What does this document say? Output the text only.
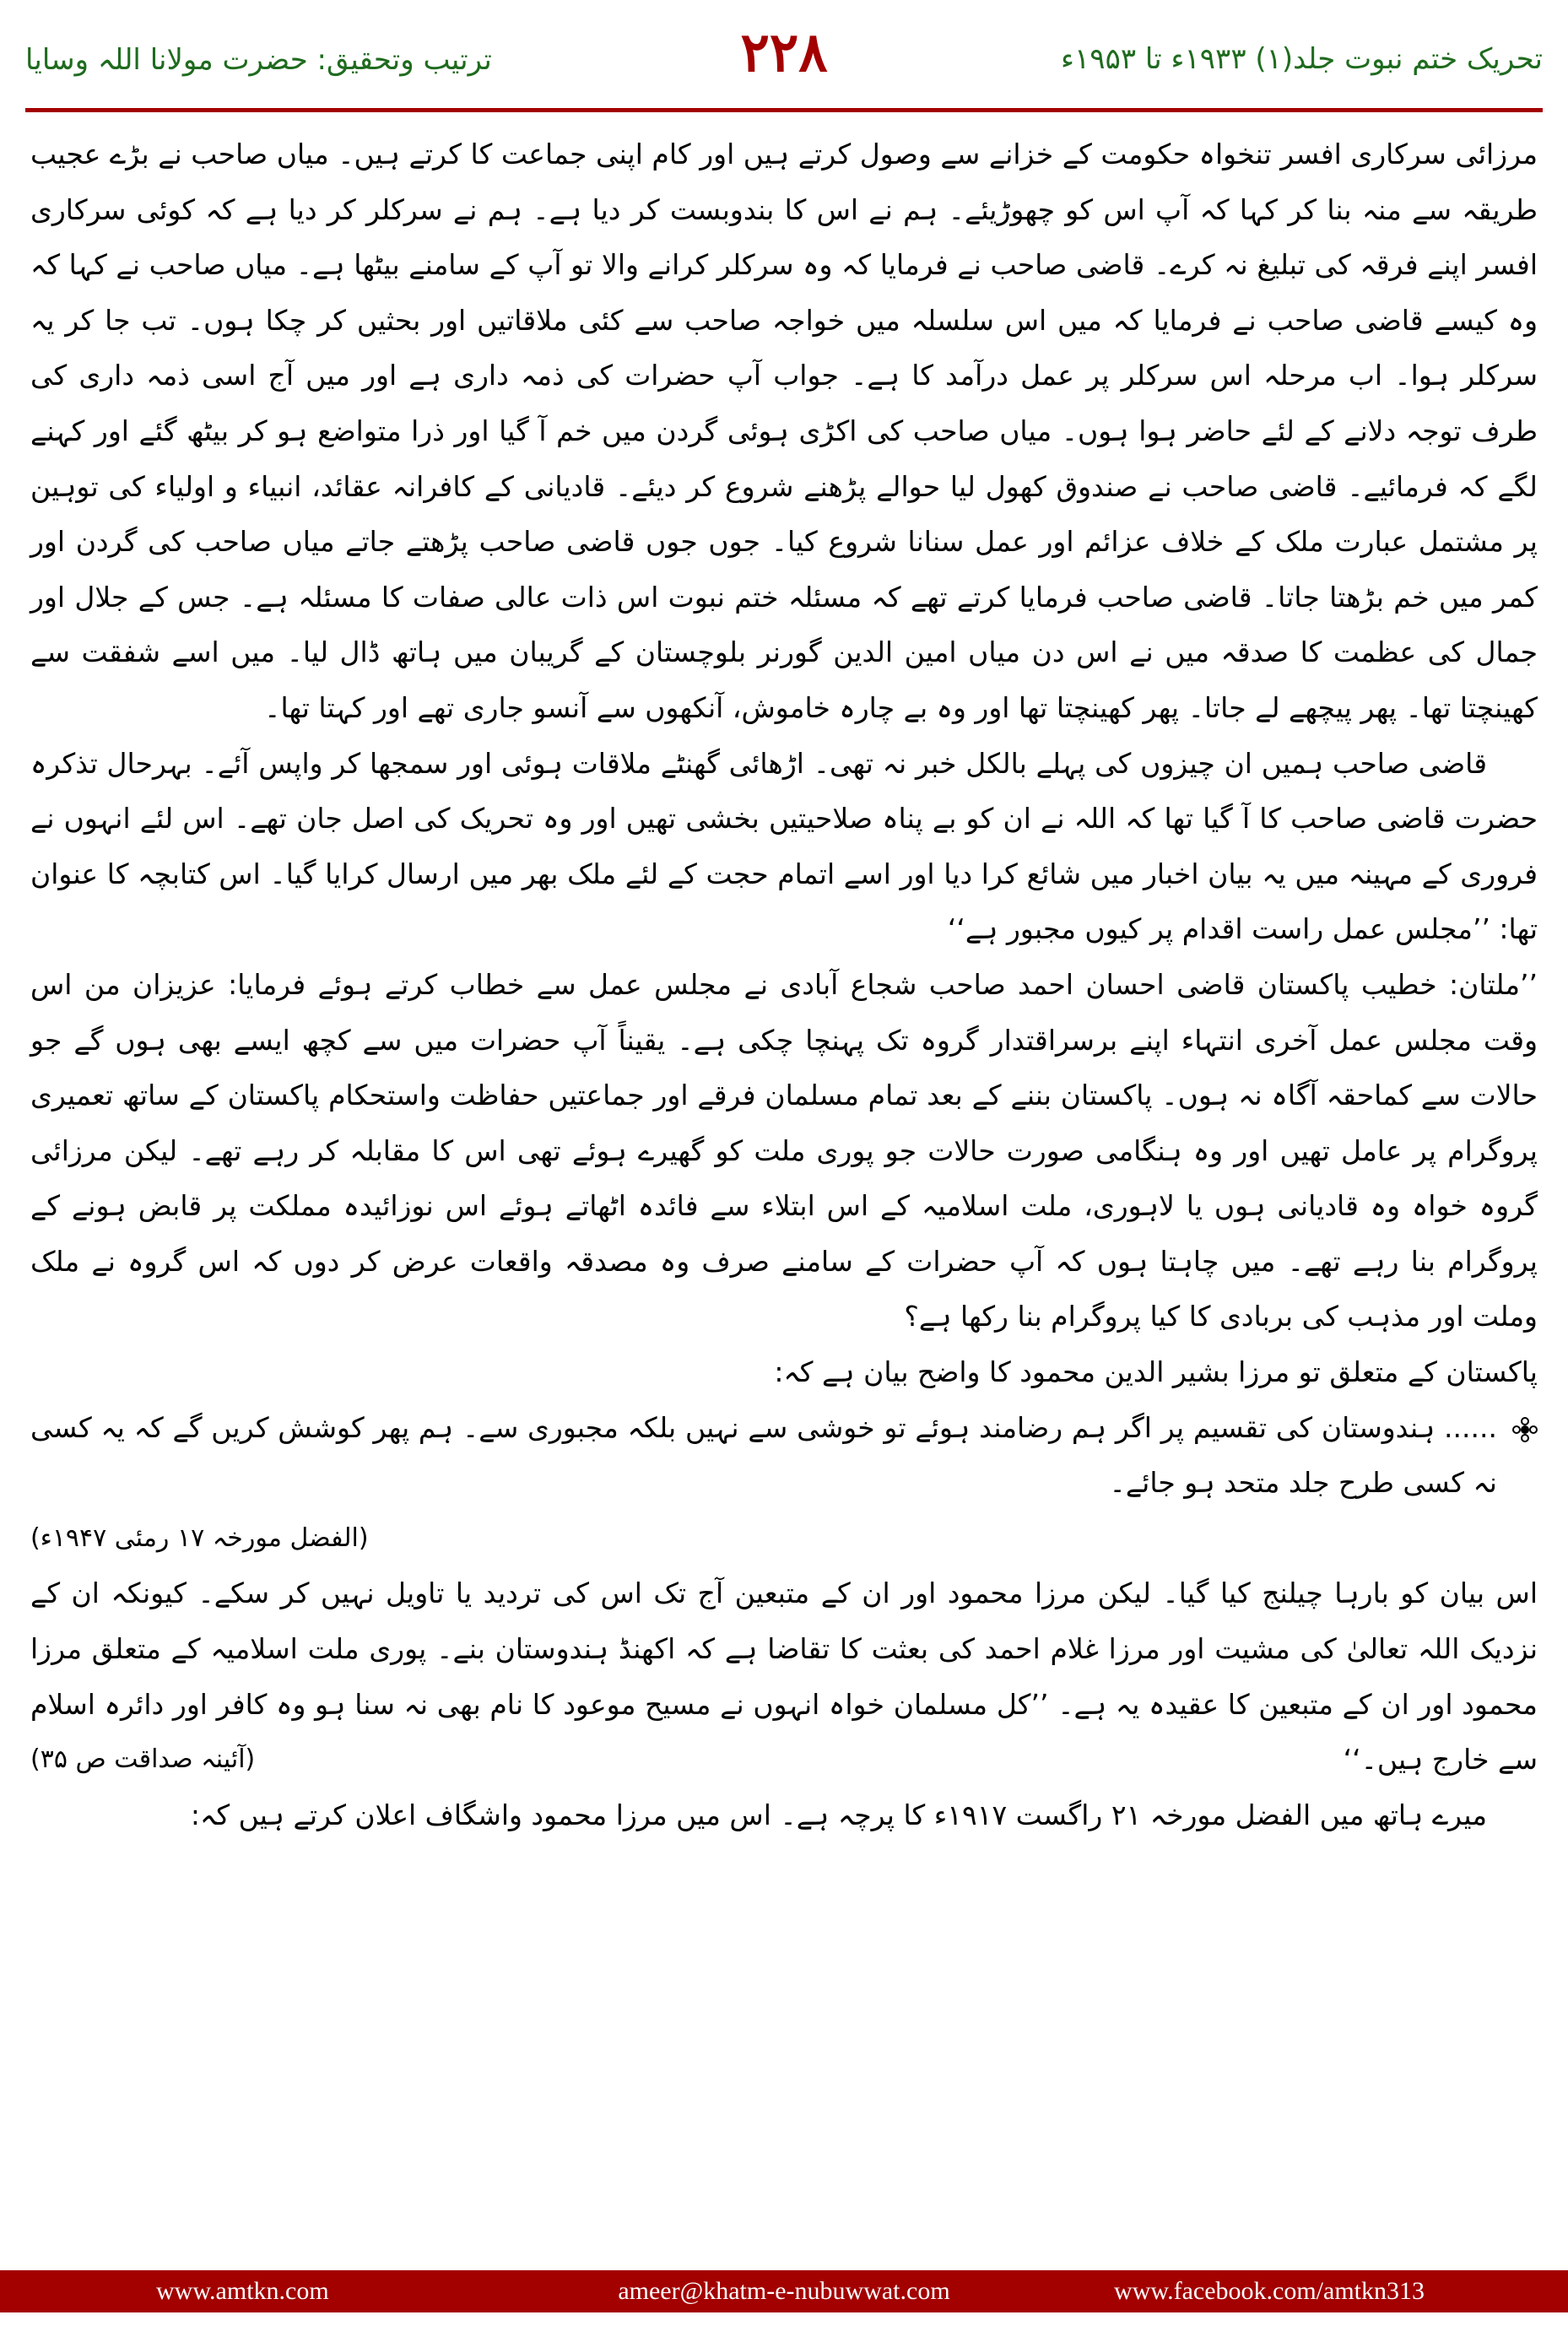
ترتیب وتحقیق: حضرت مولانا اللہ وسایا	۲۲۸	تحریک ختم نبوت جلد(۱) ۱۹۳۳ء تا ۱۹۵۳ء

مرزائی سرکاری افسر تنخواہ حکومت کے خزانے سے وصول کرتے ہیں اور کام اپنی جماعت کا کرتے ہیں۔ میاں صاحب نے بڑے عجیب طریقہ سے منہ بنا کر کہا کہ آپ اس کو چھوڑیئے۔ ہم نے اس کا بندوبست کر دیا ہے۔ ہم نے سرکلر کر دیا ہے کہ کوئی سرکاری افسر اپنے فرقہ کی تبلیغ نہ کرے۔ قاضی صاحب نے فرمایا کہ وہ سرکلر کرانے والا تو آپ کے سامنے بیٹھا ہے۔ میاں صاحب نے کہا کہ وہ کیسے قاضی صاحب نے فرمایا کہ میں اس سلسلہ میں خواجہ صاحب سے کئی ملاقاتیں اور بحثیں کر چکا ہوں۔ تب جا کر یہ سرکلر ہوا۔ اب مرحلہ اس سرکلر پر عمل درآمد کا ہے۔ جواب آپ حضرات کی ذمہ داری ہے اور میں آج اسی ذمہ داری کی طرف توجہ دلانے کے لئے حاضر ہوا ہوں۔ میاں صاحب کی اکڑی ہوئی گردن میں خم آ گیا اور ذرا متواضع ہو کر بیٹھ گئے اور کہنے لگے کہ فرمائیے۔ قاضی صاحب نے صندوق کھول لیا حوالے پڑھنے شروع کر دیئے۔ قادیانی کے کافرانہ عقائد، انبیاء و اولیاء کی توہین پر مشتمل عبارت ملک کے خلاف عزائم اور عمل سنانا شروع کیا۔ جوں جوں قاضی صاحب پڑھتے جاتے میاں صاحب کی گردن اور کمر میں خم بڑھتا جاتا۔ قاضی صاحب فرمایا کرتے تھے کہ مسئلہ ختم نبوت اس ذات عالی صفات کا مسئلہ ہے۔ جس کے جلال اور جمال کی عظمت کا صدقہ میں نے اس دن میاں امین الدین گورنر بلوچستان کے گریبان میں ہاتھ ڈال لیا۔ میں اسے شفقت سے کھینچتا تھا۔ پھر پیچھے لے جاتا۔ پھر کھینچتا تھا اور وہ بے چارہ خاموش، آنکھوں سے آنسو جاری تھے اور کہتا تھا۔

قاضی صاحب ہمیں ان چیزوں کی پہلے بالکل خبر نہ تھی۔ اڑھائی گھنٹے ملاقات ہوئی اور سمجھا کر واپس آئے۔ بہرحال تذکرہ حضرت قاضی صاحب کا آ گیا تھا کہ اللہ نے ان کو بے پناہ صلاحیتیں بخشی تھیں اور وہ تحریک کی اصل جان تھے۔ اس لئے انہوں نے فروری کے مہینہ میں یہ بیان اخبار میں شائع کرا دیا اور اسے اتمام حجت کے لئے ملک بھر میں ارسال کرایا گیا۔ اس کتابچہ کا عنوان تھا: ’’مجلس عمل راست اقدام پر کیوں مجبور ہے‘‘

’’ملتان: خطیب پاکستان قاضی احسان احمد صاحب شجاع آبادی نے مجلس عمل سے خطاب کرتے ہوئے فرمایا: عزیزان من اس وقت مجلس عمل آخری انتہاء اپنے برسراقتدار گروہ تک پہنچا چکی ہے۔ یقیناً آپ حضرات میں سے کچھ ایسے بھی ہوں گے جو حالات سے کماحقہ آگاہ نہ ہوں۔ پاکستان بننے کے بعد تمام مسلمان فرقے اور جماعتیں حفاظت واستحکام پاکستان کے ساتھ تعمیری پروگرام پر عامل تھیں اور وہ ہنگامی صورت حالات جو پوری ملت کو گھیرے ہوئے تھی اس کا مقابلہ کر رہے تھے۔ لیکن مرزائی گروہ خواہ وہ قادیانی ہوں یا لاہوری، ملت اسلامیہ کے اس ابتلاء سے فائدہ اٹھاتے ہوئے اس نوزائیدہ مملکت پر قابض ہونے کے پروگرام بنا رہے تھے۔ میں چاہتا ہوں کہ آپ حضرات کے سامنے صرف وہ مصدقہ واقعات عرض کر دوں کہ اس گروہ نے ملک وملت اور مذہب کی بربادی کا کیا پروگرام بنا رکھا ہے؟

پاکستان کے متعلق تو مرزا بشیر الدین محمود کا واضح بیان ہے کہ:

...... ہندوستان کی تقسیم پر اگر ہم رضامند ہوئے تو خوشی سے نہیں بلکہ مجبوری سے۔ ہم پھر کوشش کریں گے کہ یہ کسی نہ کسی طرح جلد متحد ہو جائے۔
(الفضل مورخہ ۱۷ رمئی ۱۹۴۷ء)

اس بیان کو بارہا چیلنج کیا گیا۔ لیکن مرزا محمود اور ان کے متبعین آج تک اس کی تردید یا تاویل نہیں کر سکے۔ کیونکہ ان کے نزدیک اللہ تعالیٰ کی مشیت اور مرزا غلام احمد کی بعثت کا تقاضا ہے کہ اکھنڈ ہندوستان بنے۔ پوری ملت اسلامیہ کے متعلق مرزا محمود اور ان کے متبعین کا عقیدہ یہ ہے۔ ’’کل مسلمان خواہ انہوں نے مسیح موعود کا نام بھی نہ سنا ہو وہ کافر اور دائرہ اسلام سے خارج ہیں۔‘‘
(آئینہ صداقت ص ۳۵)

میرے ہاتھ میں الفضل مورخہ ۲۱ راگست ۱۹۱۷ء کا پرچہ ہے۔ اس میں مرزا محمود واشگاف اعلان کرتے ہیں کہ:

www.amtkn.com	ameer@khatm-e-nubuwwat.com	www.facebook.com/amtkn313
